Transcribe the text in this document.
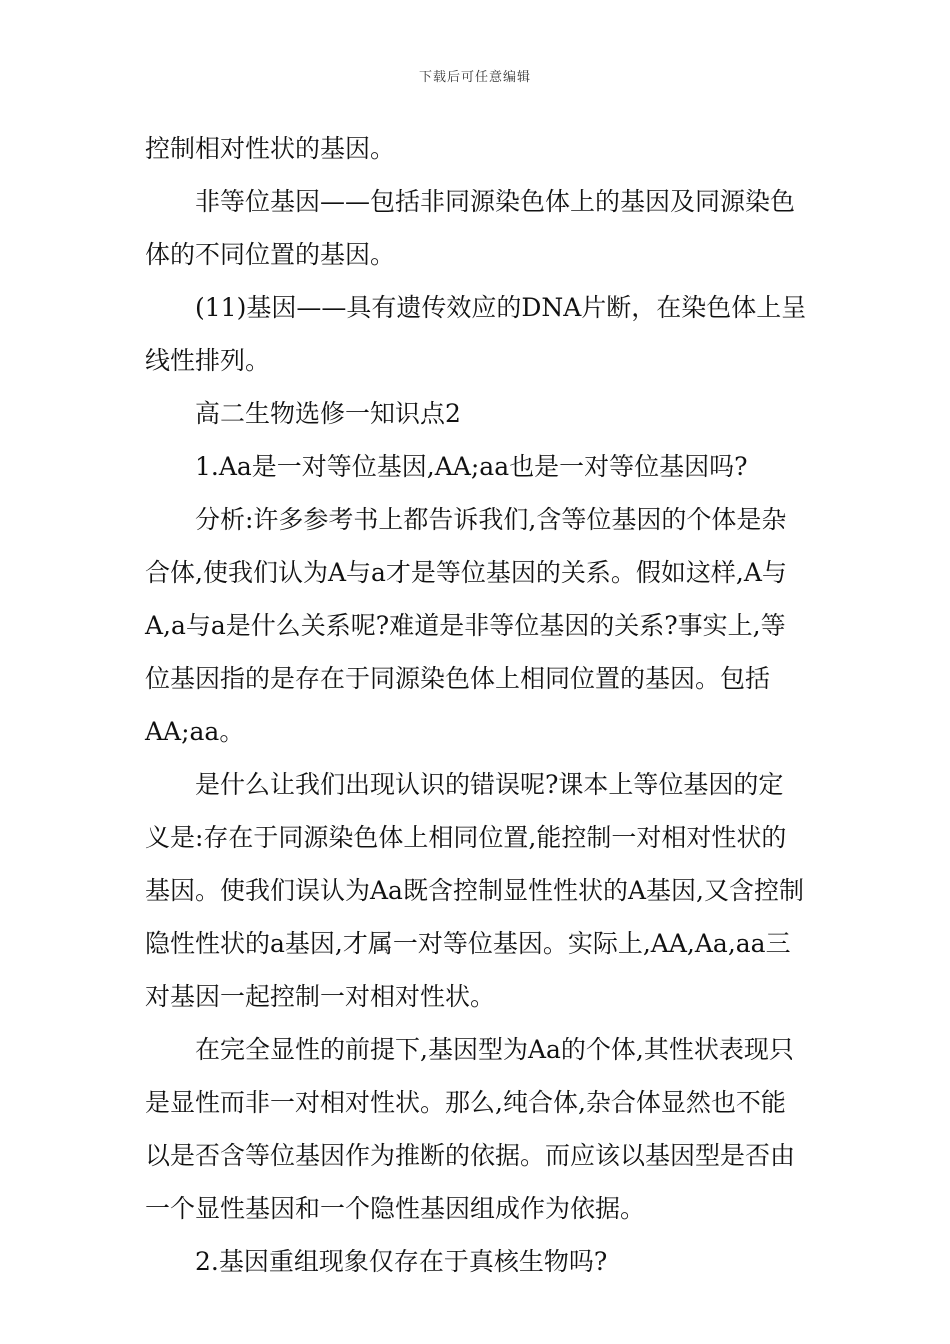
下载后可任意编辑

控制相对性状的基因。

非等位基因——包括非同源染色体上的基因及同源染色体的不同位置的基因。

(11)基因——具有遗传效应的DNA片断，在染色体上呈线性排列。

高二生物选修一知识点2

1.Aa是一对等位基因,AA;aa也是一对等位基因吗?

分析:许多参考书上都告诉我们,含等位基因的个体是杂合体,使我们认为A与a才是等位基因的关系。假如这样,A与A,a与a是什么关系呢?难道是非等位基因的关系?事实上,等位基因指的是存在于同源染色体上相同位置的基因。包括AA;aa。

是什么让我们出现认识的错误呢?课本上等位基因的定义是:存在于同源染色体上相同位置,能控制一对相对性状的基因。使我们误认为Aa既含控制显性性状的A基因,又含控制隐性性状的a基因,才属一对等位基因。实际上,AA,Aa,aa三对基因一起控制一对相对性状。

在完全显性的前提下,基因型为Aa的个体,其性状表现只是显性而非一对相对性状。那么,纯合体,杂合体显然也不能以是否含等位基因作为推断的依据。而应该以基因型是否由一个显性基因和一个隐性基因组成作为依据。

2.基因重组现象仅存在于真核生物吗?
